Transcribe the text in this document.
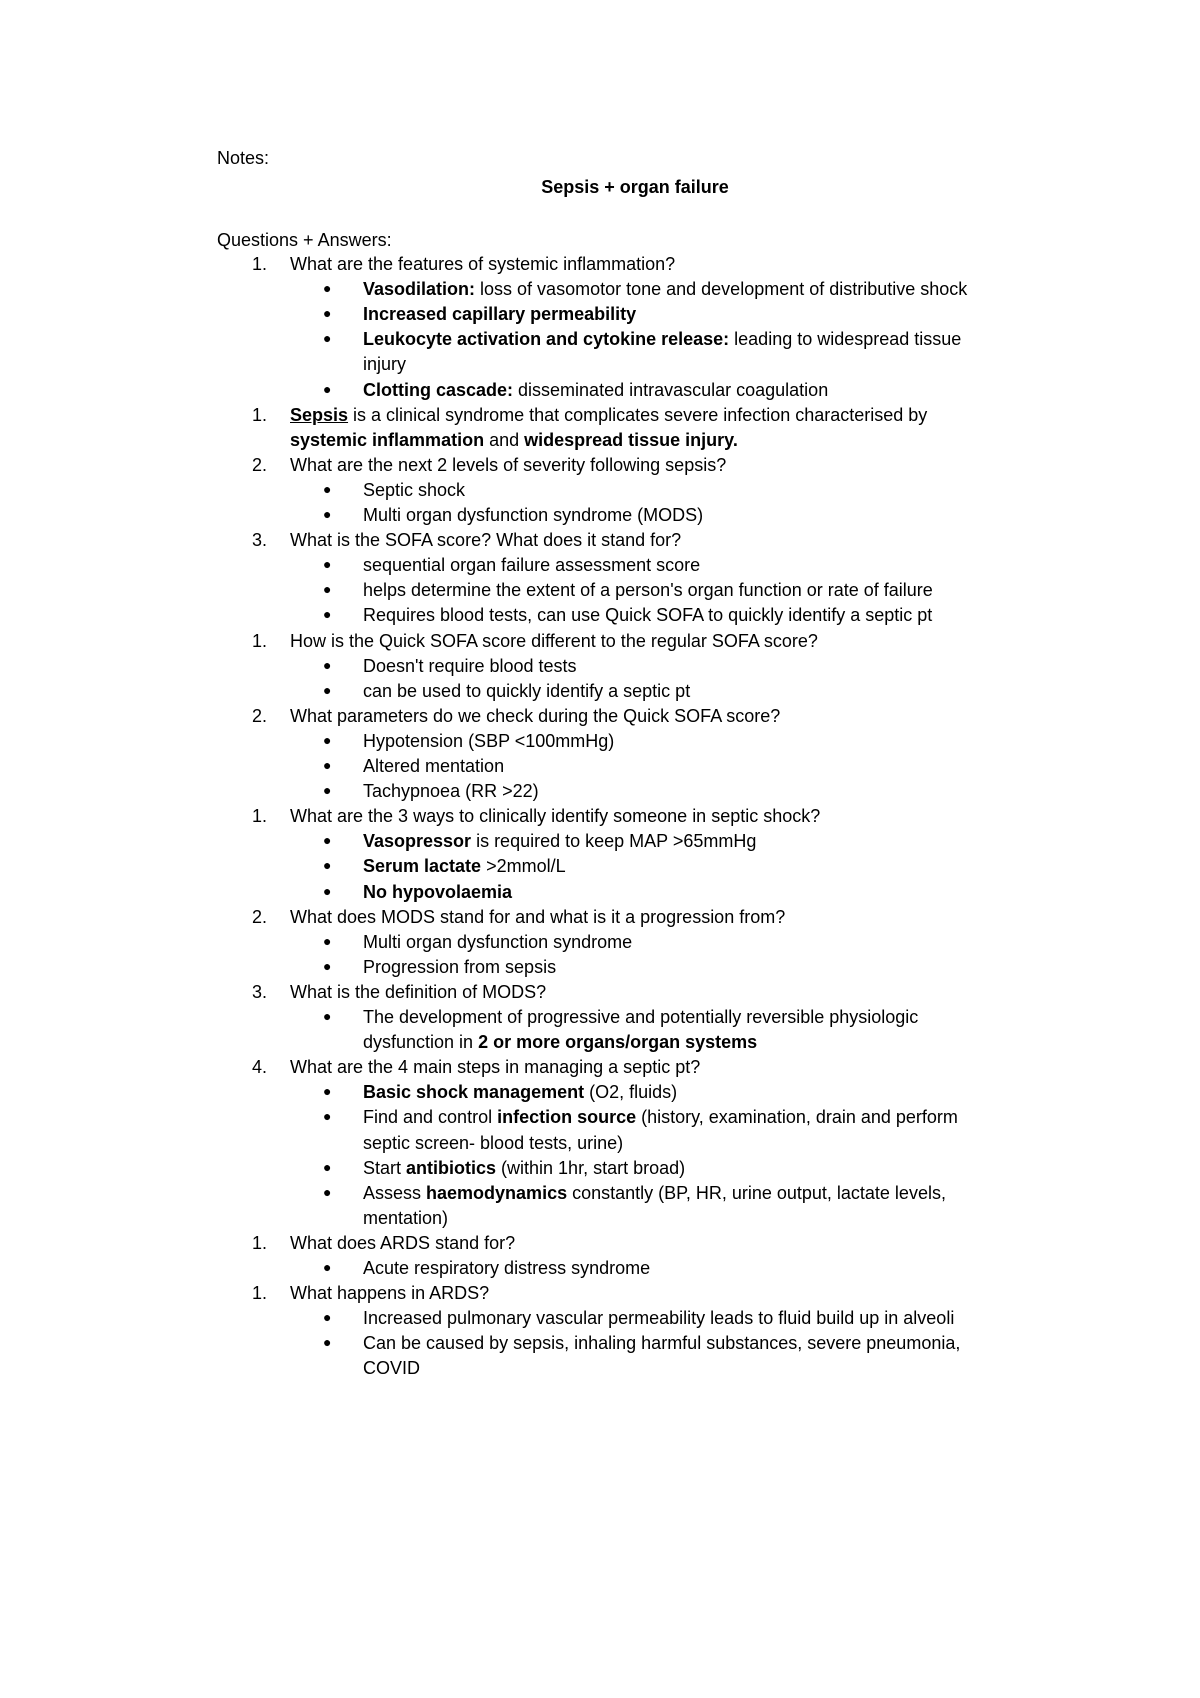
Notes:
Sepsis + organ failure
Questions + Answers:
What are the features of systemic inflammation?
1.
Vasodilation: loss of vasomotor tone and development of distributive shock
●
Increased capillary permeability
●
Leukocyte activation and cytokine release: leading to widespread tissue
●
injury
Clotting cascade: disseminated intravascular coagulation
●
Sepsis is a clinical syndrome that complicates severe infection characterised by
1.
systemic inflammation and widespread tissue injury.
What are the next 2 levels of severity following sepsis?
2.
Septic shock
●
Multi organ dysfunction syndrome (MODS)
●
What is the SOFA score? What does it stand for?
3.
sequential organ failure assessment score
●
helps determine the extent of a person's organ function or rate of failure
●
Requires blood tests, can use Quick SOFA to quickly identify a septic pt
●
How is the Quick SOFA score different to the regular SOFA score?
1.
Doesn't require blood tests
●
can be used to quickly identify a septic pt
●
What parameters do we check during the Quick SOFA score?
2.
Hypotension (SBP <100mmHg)
●
Altered mentation
●
Tachypnoea (RR >22)
●
What are the 3 ways to clinically identify someone in septic shock?
1.
Vasopressor is required to keep MAP >65mmHg
●
Serum lactate >2mmol/L
●
No hypovolaemia
●
What does MODS stand for and what is it a progression from?
2.
Multi organ dysfunction syndrome
●
Progression from sepsis
●
What is the definition of MODS?
3.
The development of progressive and potentially reversible physiologic
●
dysfunction in 2 or more organs/organ systems
What are the 4 main steps in managing a septic pt?
4.
Basic shock management (O2, fluids)
●
Find and control infection source (history, examination, drain and perform
●
septic screen- blood tests, urine)
Start antibiotics (within 1hr, start broad)
●
Assess haemodynamics constantly (BP, HR, urine output, lactate levels,
●
mentation)
What does ARDS stand for?
1.
Acute respiratory distress syndrome
●
What happens in ARDS?
1.
Increased pulmonary vascular permeability leads to fluid build up in alveoli
●
Can be caused by sepsis, inhaling harmful substances, severe pneumonia,
●
COVID
